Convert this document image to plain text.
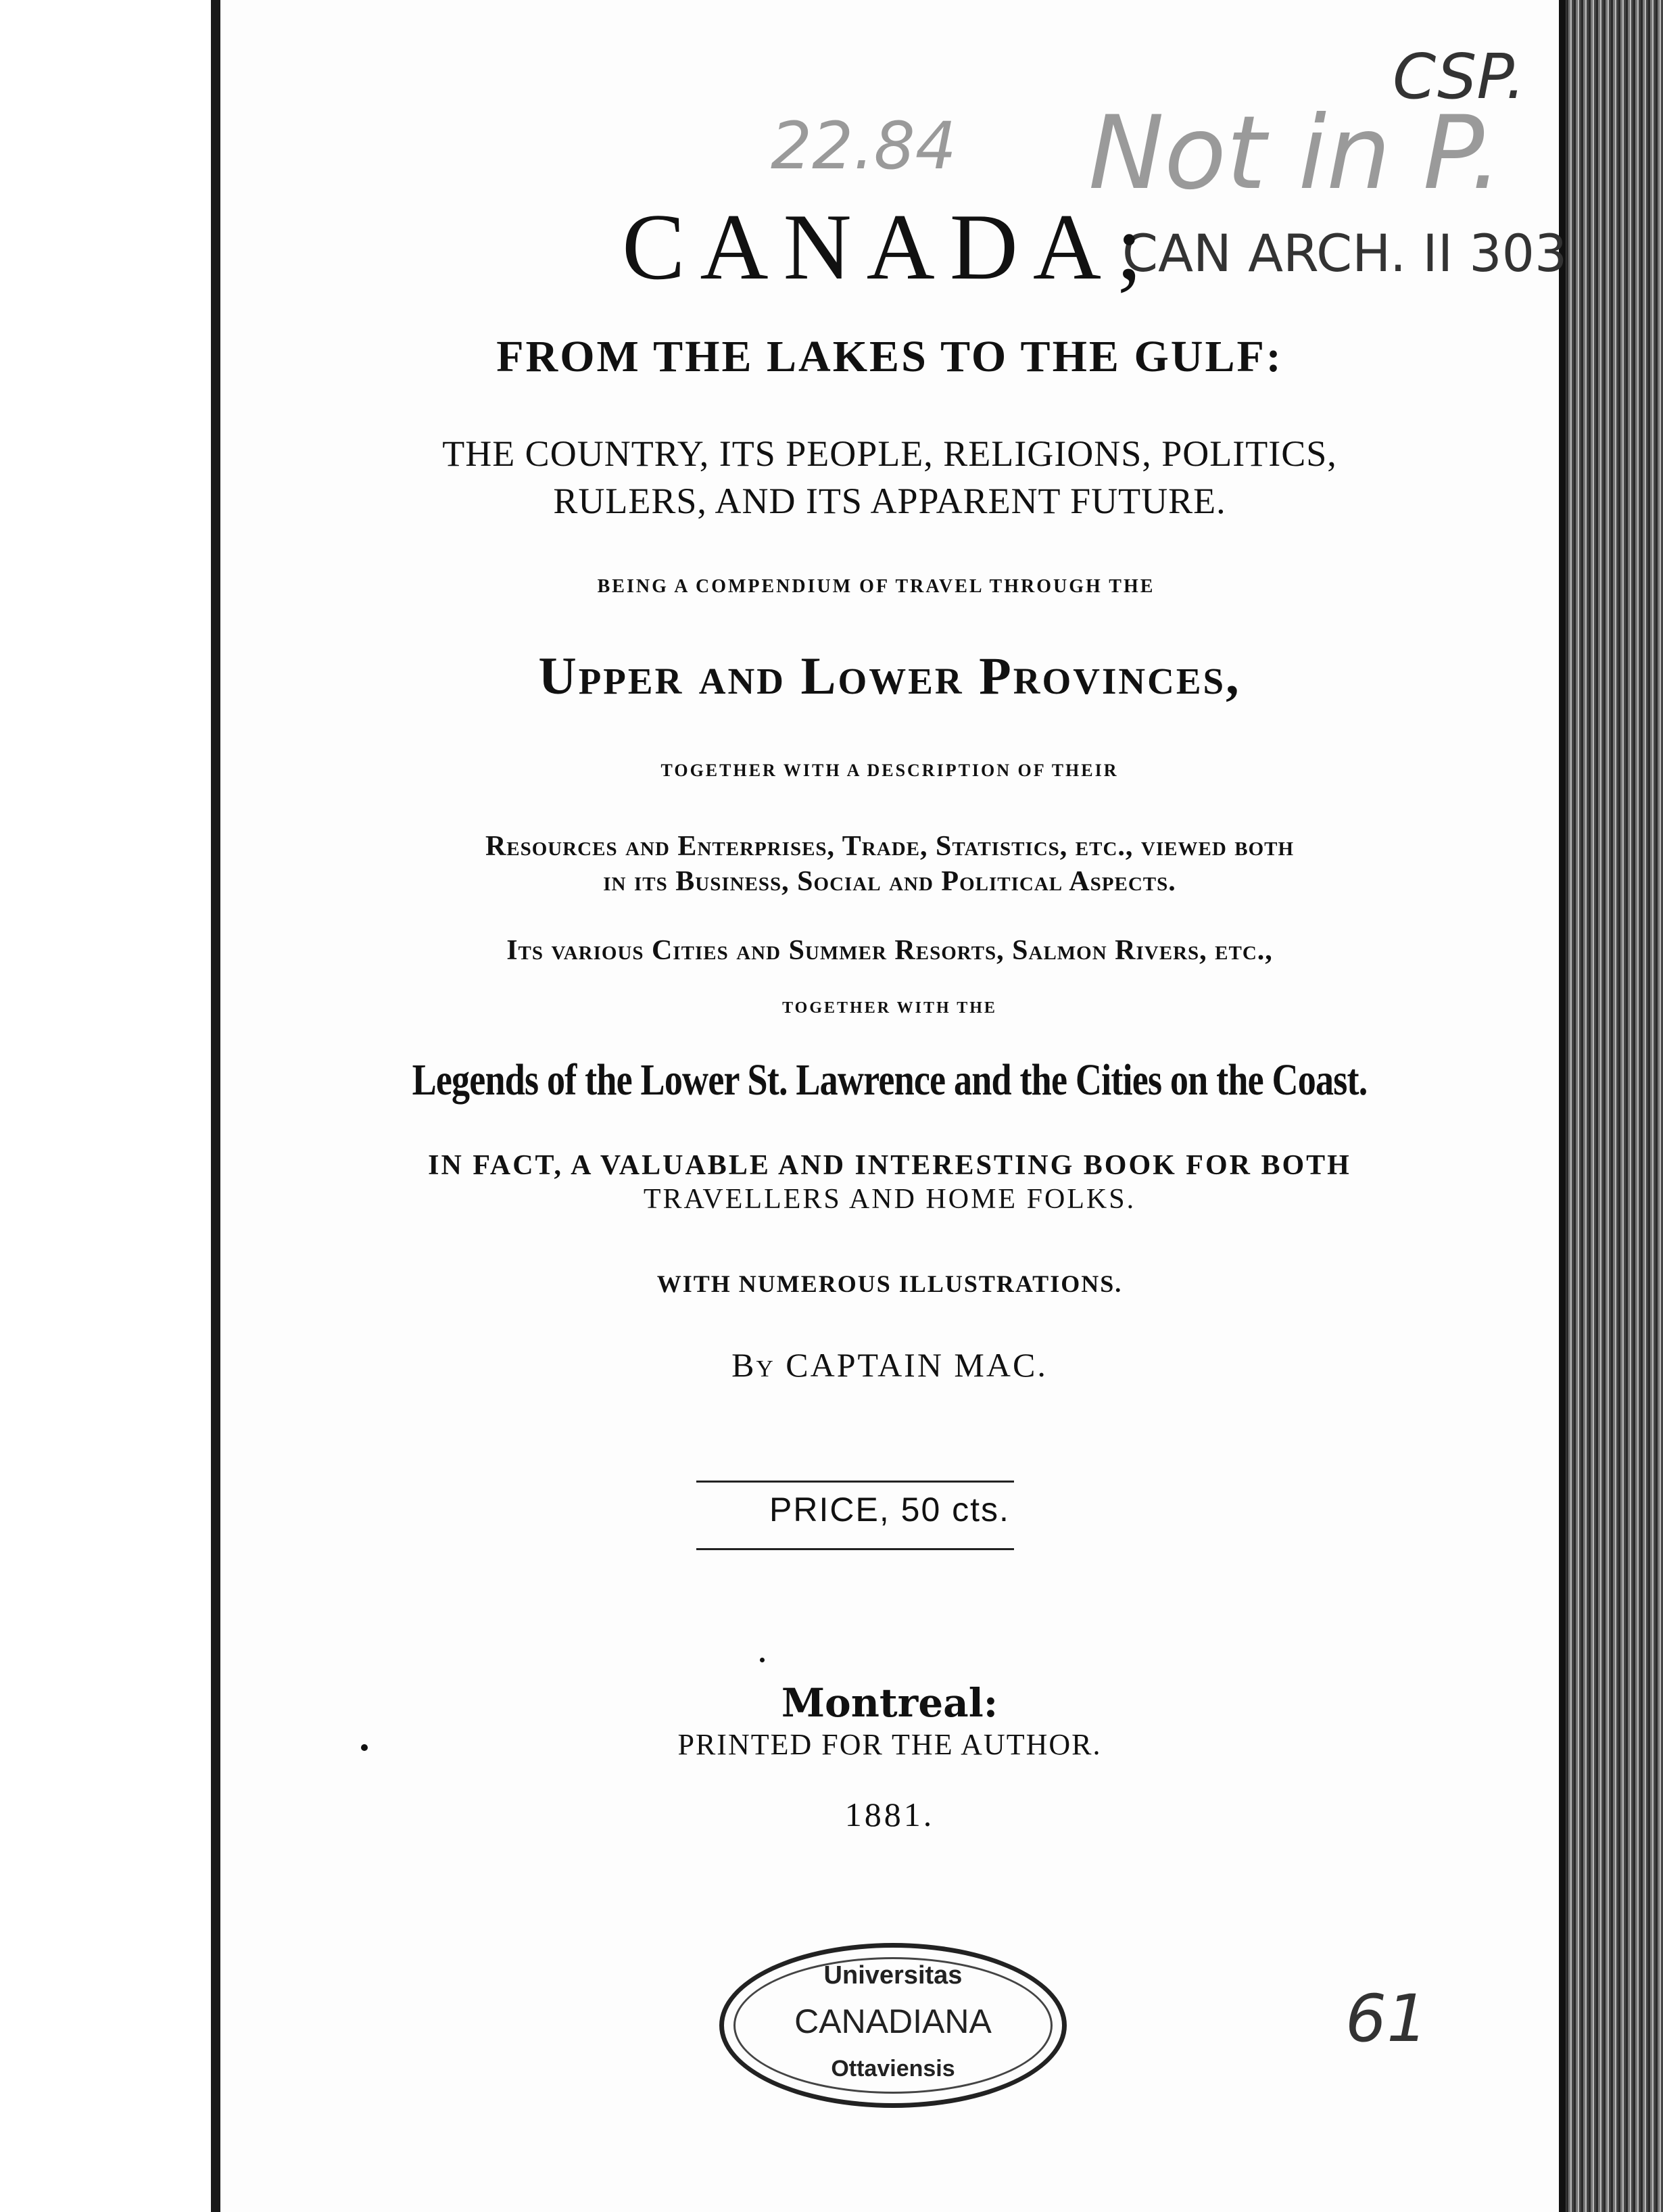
CSP.
22.84 Not in P.
CAN ARCH. II 303
61
CANADA;
FROM THE LAKES TO THE GULF:
THE COUNTRY, ITS PEOPLE, RELIGIONS, POLITICS,
RULERS, AND ITS APPARENT FUTURE.
BEING A COMPENDIUM OF TRAVEL THROUGH THE
Upper and Lower Provinces,
TOGETHER WITH A DESCRIPTION OF THEIR
Resources and Enterprises, Trade, Statistics, etc., viewed both
in its Business, Social and Political Aspects.
Its various Cities and Summer Resorts, Salmon Rivers, etc.,
TOGETHER WITH THE
Legends of the Lower St. Lawrence and the Cities on the Coast.
IN FACT, A VALUABLE AND INTERESTING BOOK FOR BOTH
TRAVELLERS AND HOME FOLKS.
WITH NUMEROUS ILLUSTRATIONS.
By CAPTAIN MAC.
PRICE, 50 cts.
Montreal:
PRINTED FOR THE AUTHOR.
1881.
Universitas
CANADIANA
Ottaviensis
